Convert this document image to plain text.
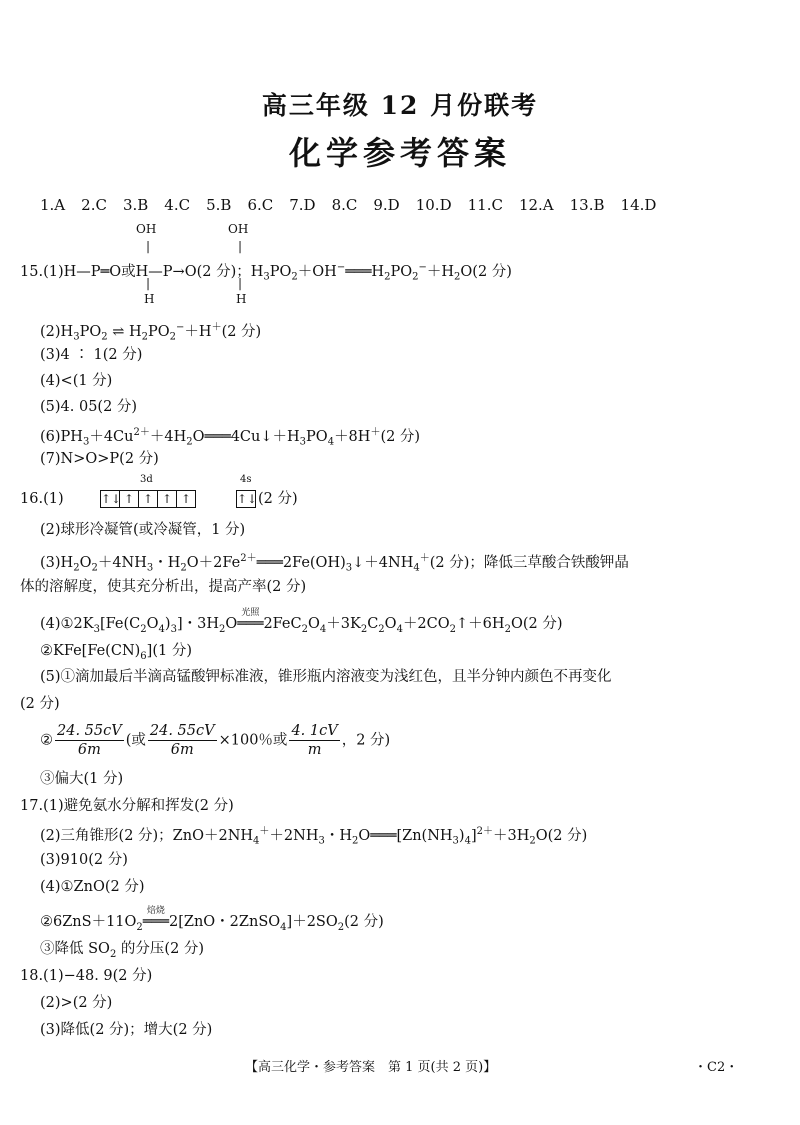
高三年级 12 月份联考
化学参考答案
1.A 2.C 3.B 4.C 5.B 6.C 7.D 8.C 9.D 10.D 11.C 12.A 13.B 14.D
OH	OH
|	|
15.(1)H—P═O或H—P→O(2 分)；$H_3PO_2+OH^-═══H_2PO_2^-+H_2O(2$ 分)
|	|
H	H
$(2)H_3PO_2$ ⇌ $H_2PO_2^-+H^+(2$ 分)
(3)4 ∶ 1(2 分)
(4)<(1 分)
(5)4. 05(2 分)
$(6)PH_3+4Cu^{2+}+4H_2O═══4Cu↓+H_3PO_4+8H^+(2$ 分)
(7)N>O>P(2 分)
3d	4s
16.(1)	↑↓ ↑ ↑ ↑ ↑	↑↓ (2 分)
(2)球形冷凝管(或冷凝管，1 分)
$(3)H_2O_2+4NH_3$・$H_2O+2Fe^{2+}═══2Fe(OH)_3↓+4NH_4^+(2$ 分)；降低三草酸合铁酸钾晶
体的溶解度，使其充分析出，提高产率(2 分)
$(4)①2K_3[Fe(C_2O_4)_3]$・$3H_2O═══$
光照
$2FeC_2O_4+3K_2C_2O_4+2CO_2↑+6H_2O(2$ 分)
$②KFe[Fe(CN)_6](1$ 分)
(5)①滴加最后半滴高锰酸钾标准液，锥形瓶内溶液变为浅红色，且半分钟内颜色不再变化
(2 分)
② $\frac{24. 55cV}{6m}$ (或 $\frac{24. 55cV}{6m} \times 100$％或 $\frac{4. 1cV}{m}$ ，2 分)
③偏大(1 分)
17.(1)避免氨水分解和挥发(2 分)
(2)三角锥形(2 分)；$ZnO+2NH_4^++2NH_3$・$H_2O═══[Zn(NH_3)_4]^{2+}+3H_2O(2$ 分)
(3)910(2 分)
(4)①ZnO(2 分)
$②6ZnS+11O_2═══$
焙烧
2[ZnO・$2ZnSO_4]+2SO_2(2$ 分)
③降低 $SO_2$ 的分压(2 分)
18.(1)−48. 9(2 分)
(2)>(2 分)
(3)降低(2 分)；增大(2 分)
【高三化学・参考答案　第 1 页(共 2 页)】	・C2・
